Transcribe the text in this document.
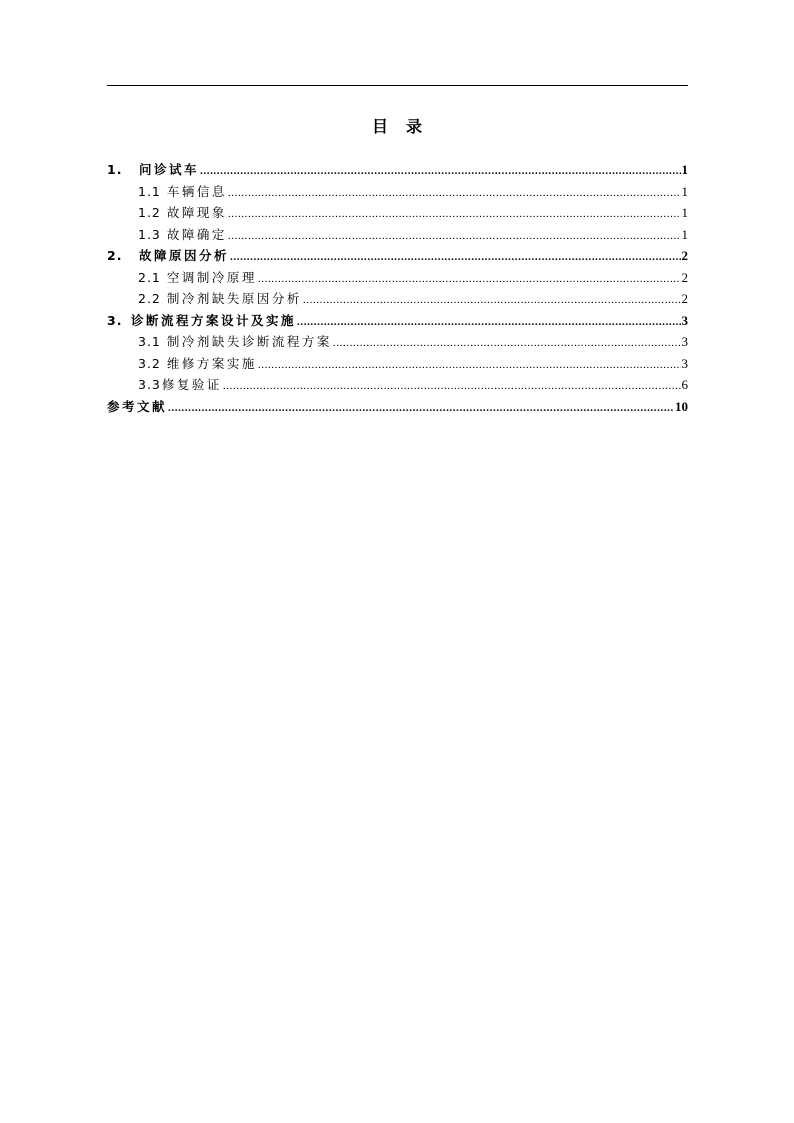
目录
1.	问诊试车 .....	1
1.1 车辆信息 .....	1
1.2 故障现象 .....	1
1.3 故障确定 .....	1
2.	故障原因分析 .....	2
2.1 空调制冷原理 .....	2
2.2 制冷剂缺失原因分析 .....	2
3. 诊断流程方案设计及实施 .....	3
3.1 制冷剂缺失诊断流程方案 .....	3
3.2 维修方案实施 .....	3
3.3 修复验证 .....	6
参考文献 .....	10
